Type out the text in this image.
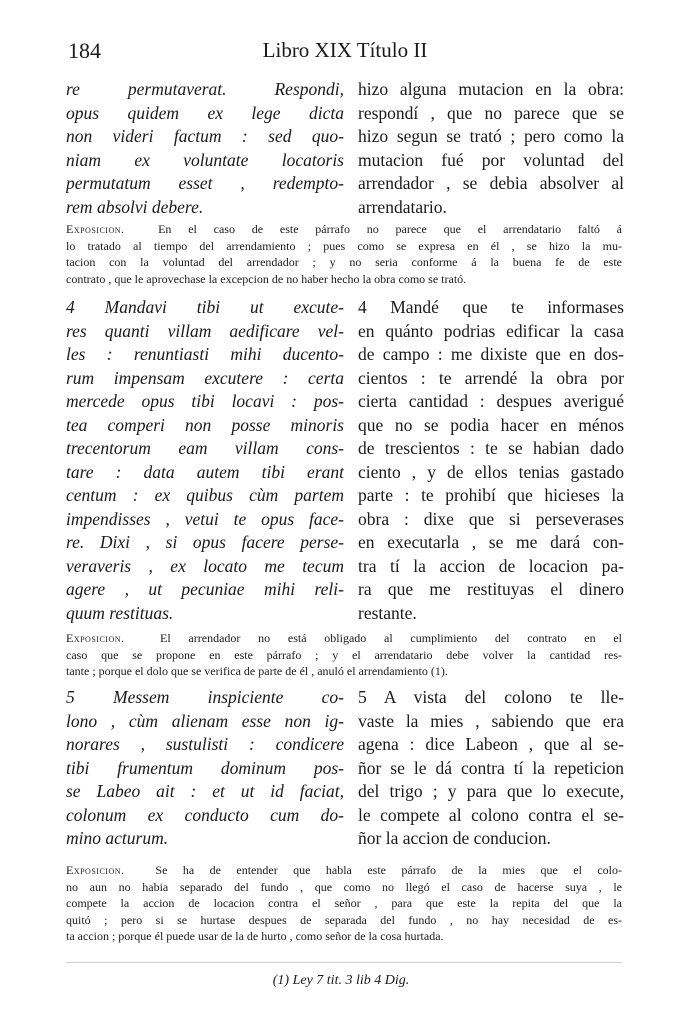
184	Libro XIX Título II
re permutaverat. Respondi,
opus quidem ex lege dicta
non videri factum : sed quo-
niam ex voluntate locatoris
permutatum esset , redempto-
rem absolvi debere.
hizo alguna mutacion en la obra:
respondí , que no parece que se
hizo segun se trató ; pero como la
mutacion fué por voluntad del
arrendador , se debia absolver al
arrendatario.
Exposicion.	En el caso de este párrafo no parece que el arrendatario faltó á
lo tratado al tiempo del arrendamiento ; pues como se expresa en él , se hizo la mu-
tacion con la voluntad del arrendador ; y no seria conforme á la buena fe de este
contrato , que le aprovechase la excepcion de no haber hecho la obra como se trató.
4 Mandavi tibi ut excute-
res quanti villam aedificare vel-
les : renuntiasti mihi ducento-
rum impensam excutere : certa
mercede opus tibi locavi : pos-
tea comperi non posse minoris
trecentorum eam villam cons-
tare : data autem tibi erant
centum : ex quibus cùm partem
impendisses , vetui te opus face-
re. Dixi , si opus facere perse-
veraveris , ex locato me tecum
agere , ut pecuniae mihi reli-
quum restituas.
4 Mandé que te informases
en quánto podrias edificar la casa
de campo : me dixiste que en dos-
cientos : te arrendé la obra por
cierta cantidad : despues averigué
que no se podia hacer en ménos
de trescientos : te se habian dado
ciento , y de ellos tenias gastado
parte : te prohibí que hicieses la
obra : dixe que si perseverases
en executarla , se me dará con-
tra tí la accion de locacion pa-
ra que me restituyas el dinero
restante.
Exposicion.	El arrendador no está obligado al cumplimiento del contrato en el
caso que se propone en este párrafo ; y el arrendatario debe volver la cantidad res-
tante ; porque el dolo que se verifica de parte de él , anuló el arrendamiento (1).
5 Messem inspiciente co-
lono , cùm alienam esse non ig-
norares , sustulisti : condicere
tibi frumentum dominum pos-
se Labeo ait : et ut id faciat,
colonum ex conducto cum do-
mino acturum.
5 A vista del colono te lle-
vaste la mies , sabiendo que era
agena : dice Labeon , que al se-
ñor se le dá contra tí la repeticion
del trigo ; y para que lo execute,
le compete al colono contra el se-
ñor la accion de conducion.
Exposicion.	Se ha de entender que habla este párrafo de la mies que el colo-
no aun no habia separado del fundo , que como no llegó el caso de hacerse suya , le
compete la accion de locacion contra el señor , para que este la repita del que la
quitó ; pero si se hurtase despues de separada del fundo , no hay necesidad de es-
ta accion ; porque él puede usar de la de hurto , como señor de la cosa hurtada.
(1) Ley 7 tit. 3 lib 4 Dig.
